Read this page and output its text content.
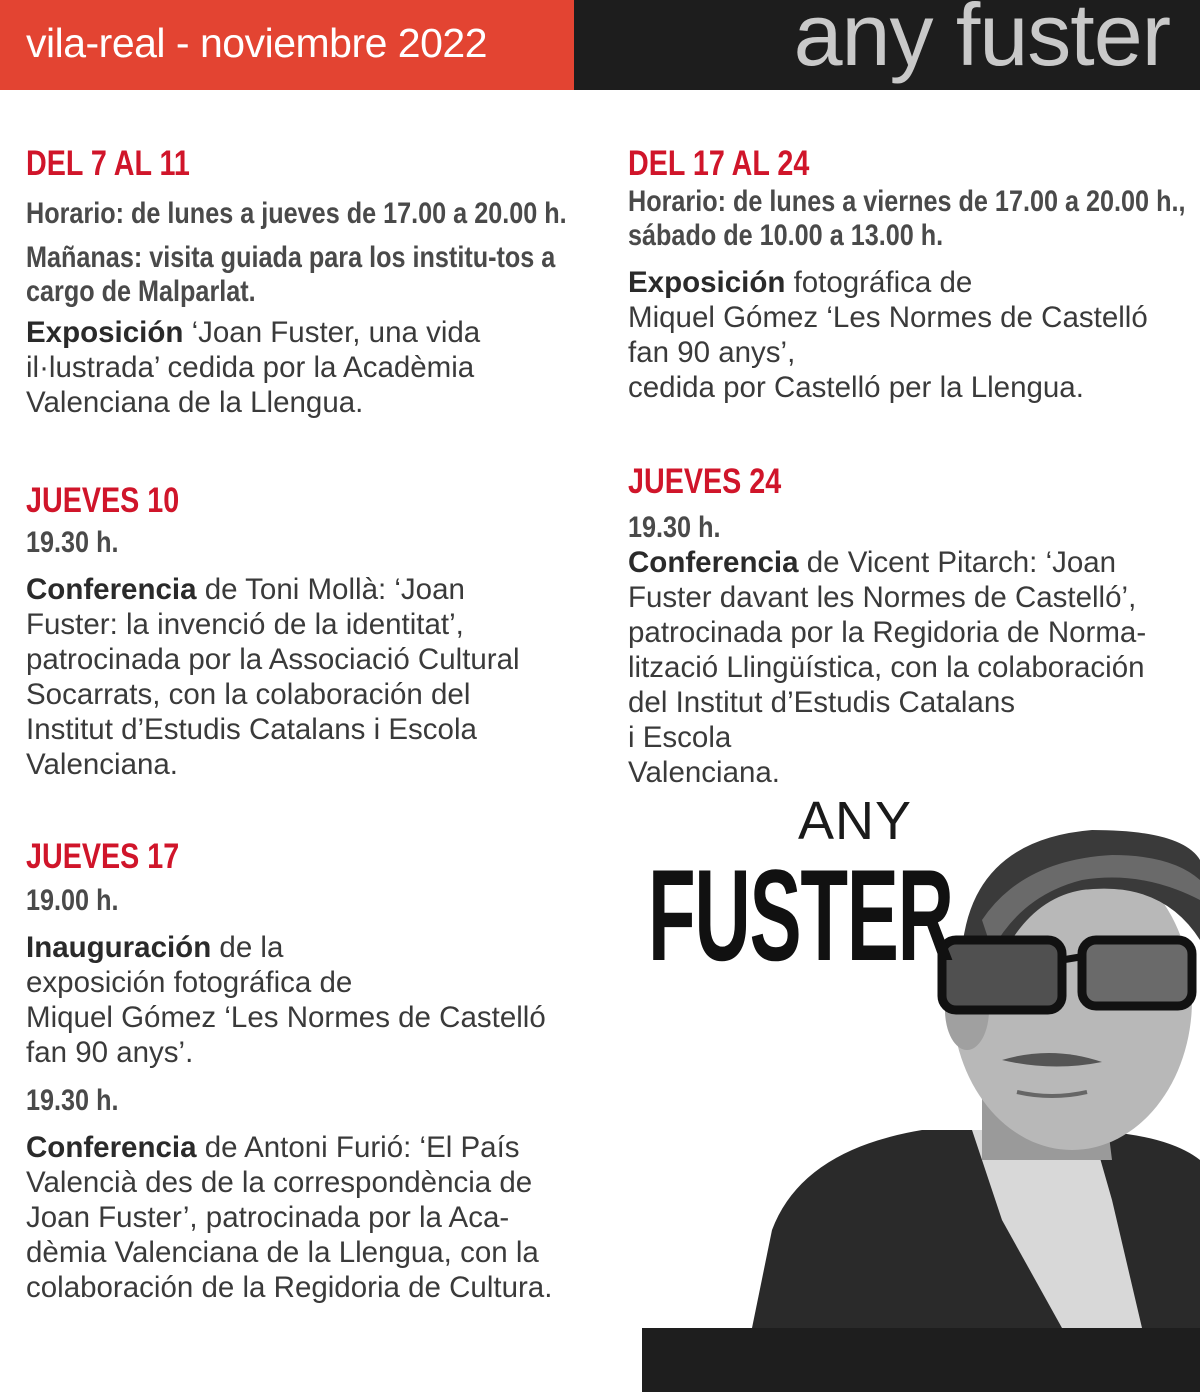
vila-real - noviembre 2022	any fuster

DEL 7 AL 11

Horario: de lunes a jueves de 17.00 a 20.00 h.

Mañanas: visita guiada para los institu-tos a cargo de Malparlat.

Exposición ‘Joan Fuster, una vida
il·lustrada’ cedida por la Acadèmia
Valenciana de la Llengua.

JUEVES 10

19.30 h.

Conferencia de Toni Mollà: ‘Joan
Fuster: la invenció de la identitat’,
patrocinada por la Associació Cultural
Socarrats, con la colaboración del
Institut d’Estudis Catalans i Escola
Valenciana.

JUEVES 17

19.00 h.

Inauguración de la
exposición fotográfica de
Miquel Gómez ‘Les Normes de Castelló
fan 90 anys’.

19.30 h.

Conferencia de Antoni Furió: ‘El País
Valencià des de la correspondència de
Joan Fuster’, patrocinada por la Aca-
dèmia Valenciana de la Llengua, con la
colaboración de la Regidoria de Cultura.

DEL 17 AL 24

Horario: de lunes a viernes de 17.00 a 20.00 h., sábado de 10.00 a 13.00 h.

Exposición fotográfica de
Miquel Gómez ‘Les Normes de Castelló
fan 90 anys’,
cedida por Castelló per la Llengua.

JUEVES 24

19.30 h.

Conferencia de Vicent Pitarch: ‘Joan
Fuster davant les Normes de Castelló’,
patrocinada por la Regidoria de Norma-
lització Llingüística, con la colaboración
del Institut d’Estudis Catalans
i Escola
Valenciana.

ANY
FUSTER
